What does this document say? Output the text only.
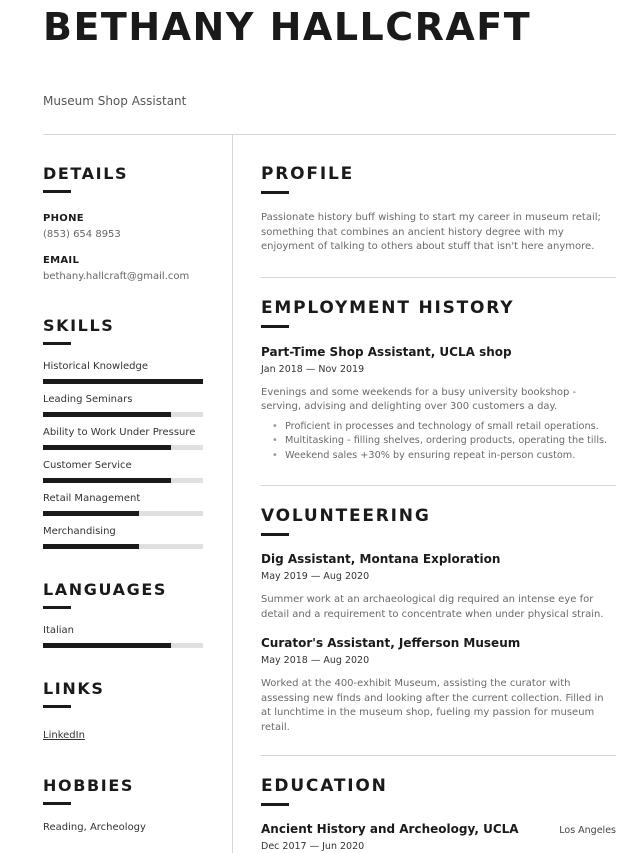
BETHANY HALLCRAFT
Museum Shop Assistant
DETAILS
PHONE
(853) 654 8953
EMAIL
bethany.hallcraft@gmail.com
SKILLS
Historical Knowledge
Leading Seminars
Ability to Work Under Pressure
Customer Service
Retail Management
Merchandising
LANGUAGES
Italian
LINKS
LinkedIn
HOBBIES
Reading, Archeology
PROFILE
Passionate history buff wishing to start my career in museum retail; something that combines an ancient history degree with my enjoyment of talking to others about stuff that isn't here anymore.
EMPLOYMENT HISTORY
Part-Time Shop Assistant, UCLA shop
Jan 2018 — Nov 2019
Evenings and some weekends for a busy university bookshop - serving, advising and delighting over 300 customers a day.
• Proficient in processes and technology of small retail operations.
• Multitasking - filling shelves, ordering products, operating the tills.
• Weekend sales +30% by ensuring repeat in-person custom.
VOLUNTEERING
Dig Assistant, Montana Exploration
May 2019 — Aug 2020
Summer work at an archaeological dig required an intense eye for detail and a requirement to concentrate when under physical strain.
Curator's Assistant, Jefferson Museum
May 2018 — Aug 2020
Worked at the 400-exhibit Museum, assisting the curator with assessing new finds and looking after the current collection. Filled in at lunchtime in the museum shop, fueling my passion for museum retail.
EDUCATION
Ancient History and Archeology, UCLA	Los Angeles
Dec 2017 — Jun 2020
